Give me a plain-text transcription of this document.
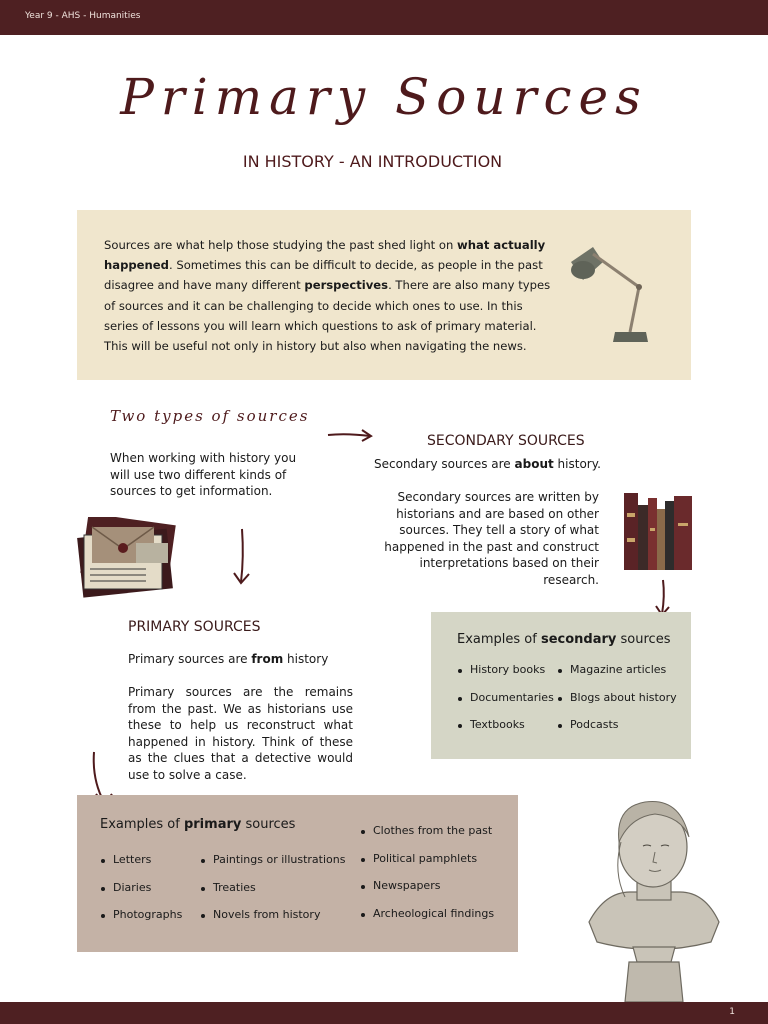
Year 9 - AHS - Humanities
Primary Sources
IN HISTORY - AN INTRODUCTION
Sources are what help those studying the past shed light on what actually happened. Sometimes this can be difficult to decide, as people in the past disagree and have many different perspectives. There are also many types of sources and it can be challenging to decide which ones to use. In this series of lessons you will learn which questions to ask of primary material. This will be useful not only in history but also when navigating the news.
Two types of sources
When working with history you will use two different kinds of sources to get information.
SECONDARY SOURCES
Secondary sources are about history.
Secondary sources are written by historians and are based on other sources. They tell a story of what happened in the past and construct interpretations based on their research.
PRIMARY SOURCES
Primary sources are from history
Primary sources are the remains from the past. We as historians use these to help us reconstruct what happened in history. Think of these as the clues that a detective would use to solve a case.
Examples of secondary sources
History books
Documentaries
Textbooks
Magazine articles
Blogs about history
Podcasts
Examples of primary sources
Letters
Diaries
Photographs
Paintings or illustrations
Treaties
Novels from history
Clothes from the past
Political pamphlets
Newspapers
Archeological findings
1
